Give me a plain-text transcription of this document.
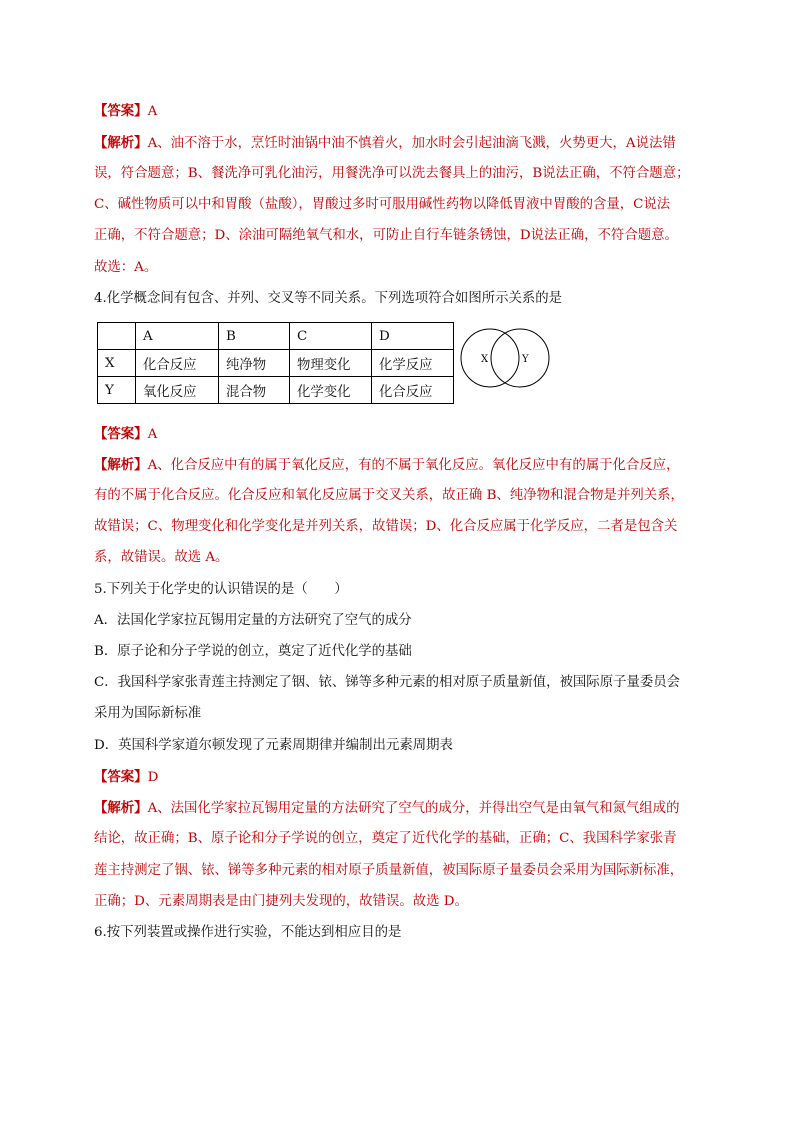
【答案】A
【解析】A、油不溶于水，烹饪时油锅中油不慎着火，加水时会引起油滴飞溅，火势更大，A说法错
误，符合题意；B、餐洗净可乳化油污，用餐洗净可以洗去餐具上的油污，B说法正确，不符合题意；
C、碱性物质可以中和胃酸（盐酸），胃酸过多时可服用碱性药物以降低胃液中胃酸的含量，C说法
正确，不符合题意；D、涂油可隔绝氧气和水，可防止自行车链条锈蚀，D说法正确，不符合题意。
故选：A。
4.化学概念间有包含、并列、交叉等不同关系。下列选项符合如图所示关系的是
	A	B	C	D
X	化合反应	纯净物	物理变化	化学反应
Y	氧化反应	混合物	化学变化	化合反应
X	Y
【答案】A
【解析】A、化合反应中有的属于氧化反应，有的不属于氧化反应。氧化反应中有的属于化合反应，
有的不属于化合反应。化合反应和氧化反应属于交叉关系，故正确 B、纯净物和混合物是并列关系，
故错误；C、物理变化和化学变化是并列关系，故错误；D、化合反应属于化学反应，二者是包含关
系，故错误。故选 A。
5.下列关于化学史的认识错误的是（　　）
A．法国化学家拉瓦锡用定量的方法研究了空气的成分
B．原子论和分子学说的创立，奠定了近代化学的基础
C．我国科学家张青莲主持测定了铟、铱、锑等多种元素的相对原子质量新值，被国际原子量委员会
采用为国际新标准
D．英国科学家道尔顿发现了元素周期律并编制出元素周期表
【答案】D
【解析】A、法国化学家拉瓦锡用定量的方法研究了空气的成分，并得出空气是由氧气和氮气组成的
结论，故正确；B、原子论和分子学说的创立，奠定了近代化学的基础，正确；C、我国科学家张青
莲主持测定了铟、铱、锑等多种元素的相对原子质量新值，被国际原子量委员会采用为国际新标准，
正确；D、元素周期表是由门捷列夫发现的，故错误。故选 D。
6.按下列装置或操作进行实验，不能达到相应目的是
